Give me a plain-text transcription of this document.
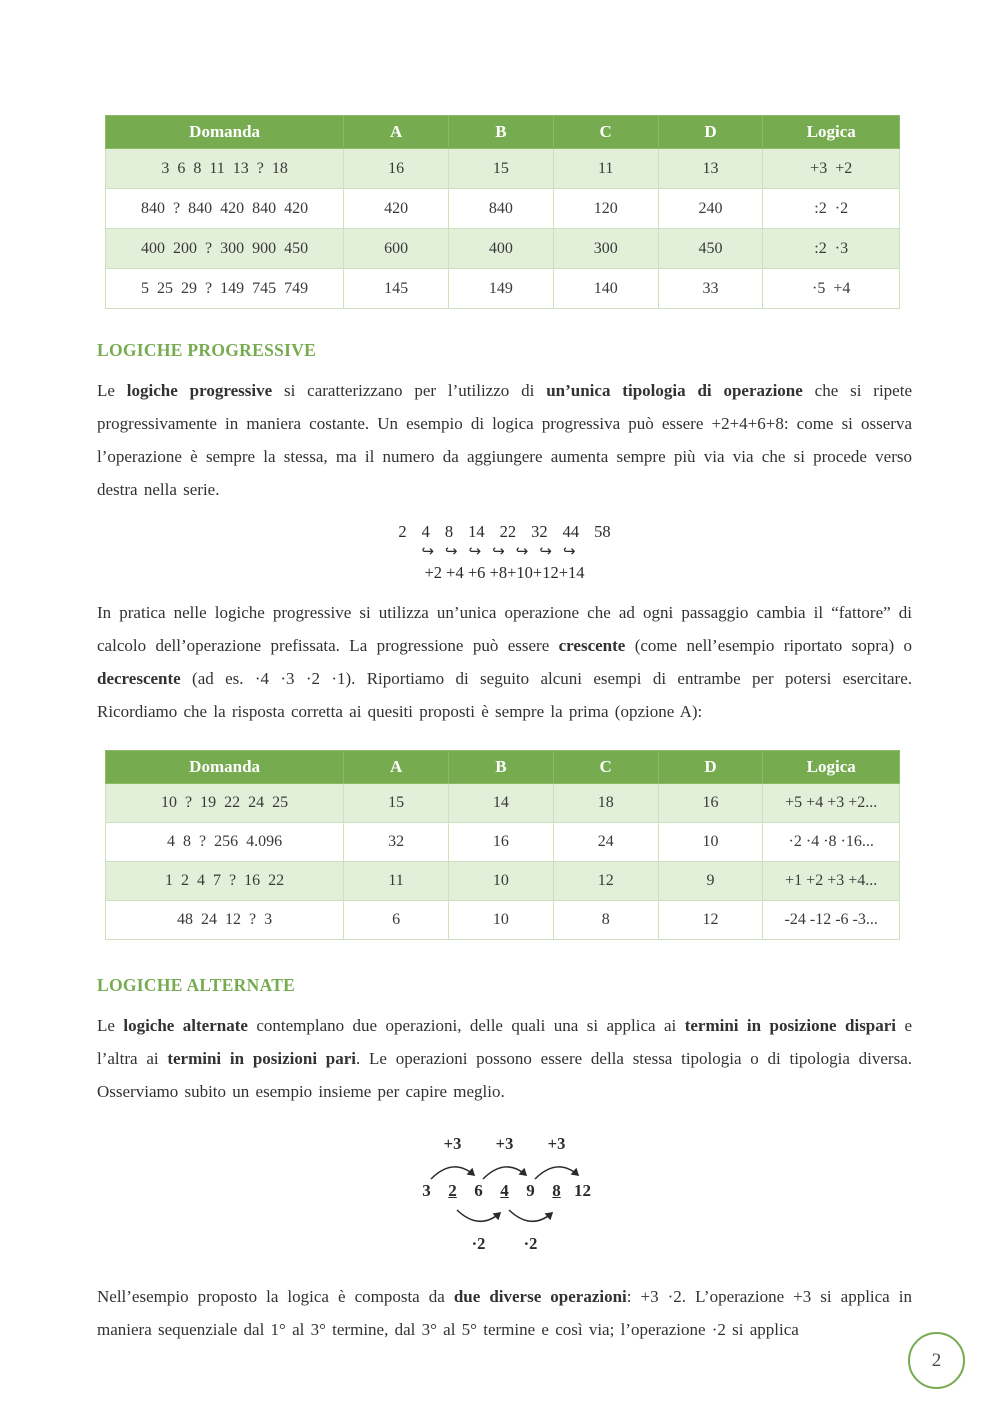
Domanda	A	B	C	D	Logica
3  6  8  11  13  ?  18	16	15	11	13	+3  +2
840  ?  840  420  840  420	420	840	120	240	:2  ·2
400  200  ?  300  900  450	600	400	300	450	:2  ·3
5  25  29  ?  149  745  749	145	149	140	33	·5  +4
LOGICHE PROGRESSIVE

Le logiche progressive si caratterizzano per l’utilizzo di un’unica tipologia di operazione che si ripete progressivamente in maniera costante. Un esempio di logica progressiva può essere +2+4+6+8: come si osserva l’operazione è sempre la stessa, ma il numero da aggiungere aumenta sempre più via via che si procede verso destra nella serie.

2 4 8 14 22 32 44 58
↪ ↪ ↪ ↪ ↪ ↪ ↪
+2 +4 +6 +8+10+12+14

In pratica nelle logiche progressive si utilizza un’unica operazione che ad ogni passaggio cambia il “fattore” di calcolo dell’operazione prefissata. La progressione può essere crescente (come nell’esempio riportato sopra) o decrescente (ad es. ·4 ·3 ·2 ·1). Riportiamo di seguito alcuni esempi di entrambe per potersi esercitare. Ricordiamo che la risposta corretta ai quesiti proposti è sempre la prima (opzione A):

Domanda	A	B	C	D	Logica
10  ?  19  22  24  25	15	14	18	16	+5 +4 +3 +2...
4  8  ?  256  4.096	32	16	24	10	·2 ·4 ·8 ·16...
1  2  4  7  ?  16  22	11	10	12	9	+1 +2 +3 +4...
48  24  12  ?  3	6	10	8	12	-24 -12 -6 -3...
LOGICHE ALTERNATE

Le logiche alternate contemplano due operazioni, delle quali una si applica ai termini in posizione dispari e l’altra ai termini in posizioni pari. Le operazioni possono essere della stessa tipologia o di tipologia diversa. Osserviamo subito un esempio insieme per capire meglio.

+3 +3 +3
3	2	6	4	9	8 12
·2 ·2

Nell’esempio proposto la logica è composta da due diverse operazioni: +3 ·2. L’operazione +3 si applica in maniera sequenziale dal 1° al 3° termine, dal 3° al 5° termine e così via; l’operazione ·2 si applica

2
